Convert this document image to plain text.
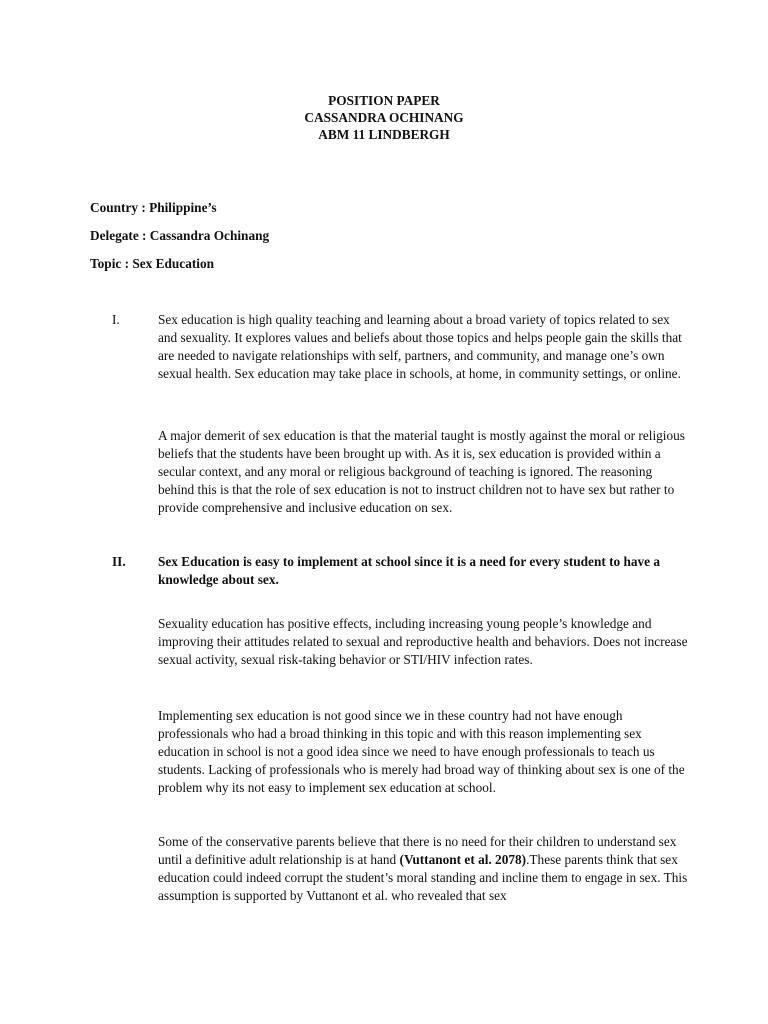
POSITION PAPER
CASSANDRA OCHINANG
ABM 11 LINDBERGH
Country : Philippine’s
Delegate : Cassandra Ochinang
Topic : Sex Education
I.	Sex education is high quality teaching and learning about a broad variety of topics related to sex and sexuality. It explores values and beliefs about those topics and helps people gain the skills that are needed to navigate relationships with self, partners, and community, and manage one’s own sexual health. Sex education may take place in schools, at home, in community settings, or online.
A major demerit of sex education is that the material taught is mostly against the moral or religious beliefs that the students have been brought up with. As it is, sex education is provided within a secular context, and any moral or religious background of teaching is ignored. The reasoning behind this is that the role of sex education is not to instruct children not to have sex but rather to provide comprehensive and inclusive education on sex.
II. Sex Education is easy to implement at school since it is a need for every student to have a knowledge about sex.
Sexuality education has positive effects, including increasing young people’s knowledge and improving their attitudes related to sexual and reproductive health and behaviors. Does not increase sexual activity, sexual risk-taking behavior or STI/HIV infection rates.
Implementing sex education is not good since we in these country had not have enough professionals who had a broad thinking in this topic and with this reason implementing sex education in school is not a good idea since we need to have enough professionals to teach us students. Lacking of professionals who is merely had broad way of thinking about sex is one of the problem why its not easy to implement sex education at school.
Some of the conservative parents believe that there is no need for their children to understand sex until a definitive adult relationship is at hand (Vuttanont et al. 2078).These parents think that sex education could indeed corrupt the student’s moral standing and incline them to engage in sex. This assumption is supported by Vuttanont et al. who revealed that sex
